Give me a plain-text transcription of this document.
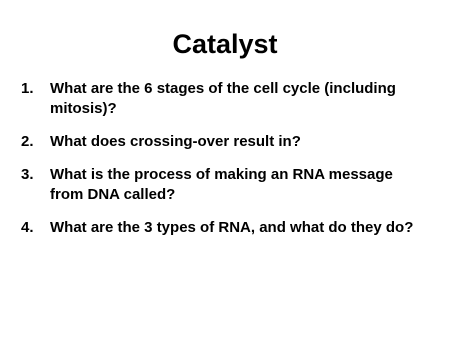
Catalyst
1. What are the 6 stages of the cell cycle (including mitosis)?
2. What does crossing-over result in?
3. What is the process of making an RNA message from DNA called?
4. What are the 3 types of RNA, and what do they do?
